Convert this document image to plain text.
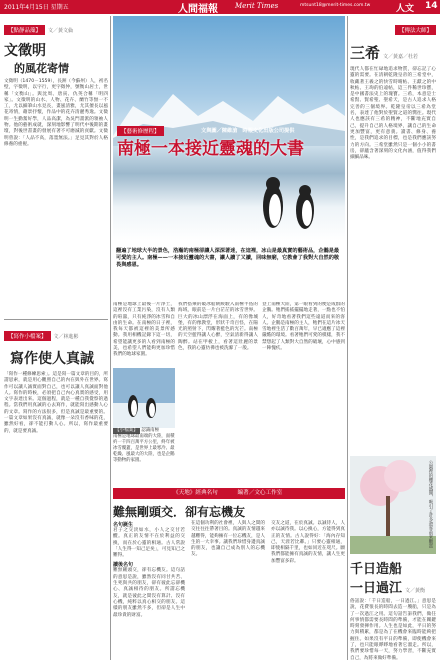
2011年4月15日 星期五	人間福報 Merit Times	mtsunt18@merit-times.com.tw	人文 14
【點靜品藻】 文／黃文倫
文徵明
的風花寄情
文徵明（1470－1559），長洲（今蘇州）人，初名壁，字徵明，以字行，更字徵仲，號衡山居士，世稱「文衡山」。與沈周、唐寅、仇英合稱「明四家」。文徵明的山水、人物、花卉、蘭竹等無一不工，尤以細筆山水見長，畫風清雅，尤其擅長以風花寄情，藉景抒懷，作品中的花卉清麗秀逸。文徵明一生勤奮好學，人品高潔，為吳門畫派的領袖人物。他的藝術成就，深刻地影響了明代中後期的畫壇，對後世書畫的發展有著不可磨滅的貢獻。文徵明曾說：「人品不高，落墨無法。」足見其對於人格修養的重視。
【寫作小檔案】 文／林進彬
寫作使人真誠
「寫作一種修練思索」。這是寫一篇文章的目的，所謂思索，就是用心觀照自己的內在與外在世界。寫作可以讓人誠實面對自己，也可以讓人真誠面對他人。寫作的時候，必須把自己內心真實的感受，用文字表達出來。這個過程，就是一種自我覺察的過程。當我們用真誠的心去寫作，就能寫出感動人心的文章。寫作的方法很多，但是真誠是最重要的。一篇文章如果沒有真誠，就像一朵沒有香味的花，雖然好看，卻不能打動人心。所以，寫作最重要的，就是要真誠。
【藝術修歷程】	文與圖／陳維滄　時報文化出版公司提供
南極一本接近靈魂的大書
翻遍了地球大半的景色，浩瀚的南極卻讓人深深著迷，在這裡，冰山是最真實的藝術品，企鵝是最可愛的主人。南極——一本接近靈魂的大書，讓人讀了又讀，回味無窮，它教會了我對大自然的敬畏與感恩。
我們搭乘的破冰船緩緩駛入南極半島的海域，眼前是一片白茫茫的冰雪世界。巨大的冰山漂浮在海面上，有的像城堡，有的像教堂，形狀千奇百怪，在陽光的照射下，閃耀著藍色的光芒。南極的天空藍得讓人心醉，空氣清新得讓人陶醉。站在甲板上，看著這壯麗的景色，我的心靈彷彿也被洗滌了一般。
登上南極大陸，第一眼看到的便是成群的企鵝。牠們搖搖擺擺地走著，一點也不怕人，好奇地看著我們這些遠道而來的客人。企鵝是南極的主人，牠們在這片冰天雪地裡生活了數百萬年，早已適應了這裡嚴酷的環境。看著牠們可愛的模樣，我不禁想起了人類對大自然的破壞，心中感到一陣愧疚。
南極是地球上最後一片淨土，這裡沒有工業污染，沒有人類的喧囂，只有純淨的冰雪和自由的生命。在南極的日子裡，我每天都被這裡的美景所感動。我用相機記錄下這一切，希望能讓更多的人看到南極的美，也希望人們能夠更加珍惜我們的地球家園。
【小檔案】 認識南極
南極是地球最南端的大陸，面積約一千四百萬平方公里，終年被冰雪覆蓋，是世界上最寒冷、最乾燥、風最大的大陸，也是企鵝等動物的家園。
《天地》經典名句	編著／文心工作室
難無剛頭交．卻有忘機友
名句誕生
君子之交淡如水，小人之交甘若醴。真正的友情不在於利益的交換，而在於心靈的相通。古人常說「人生得一知己足矣」，可見知己之難得。
讀後名句
難無剛頭交，卻有忘機友。這句話的意思是說，雖然沒有同甘共苦、生死與共的朋友，卻有彼此忘卻機心、真誠相待的朋友。所謂忘機友，就是彼此之間沒有算計、沒有心機，純粹以真心相交的朋友。這樣的朋友雖然不多，但卻是人生中最珍貴的財富。
在這個功利的社會裡，人與人之間的交往往往帶著目的。真誠的友情越來越難得，能夠擁有一位忘機友，是人生的一大幸事。讓我們珍惜身邊真誠的朋友，也讓自己成為別人的忘機友。
交友之道，在於真誠。以誠待人，人亦以誠待我。以心換心，方能得到真正的友情。古人說得好：「海內存知己，天涯若比鄰。」只要心靈相通，即使相隔千里，也如同近在咫尺。願我們都能擁有真誠的友情，讓人生更加豐富多彩。
【傳法大師】
三希 文／黃嘉／杜若
現代人都在忙碌地追求物質，卻忘記了心靈的需要。在清朝乾隆皇帝的三希堂中，收藏著王羲之的快雪時晴帖、王獻之的中秋帖、王珣的伯遠帖，這三件稀世珍寶，是中國書法史上的瑰寶。三希，本意是士希賢、賢希聖、聖希天，是古人追求人格完善的三個境界。乾隆皇帝以三希為堂名，表達了他對於聖賢之道的嚮往。現代人也應該有三希的精神，不斷地充實自己，提升自己的人格境界，讓自己的生命更加豐富，更有意義。讀書、修身、養性，是我們追求的目標，也是我們應該努力的方向。三希堂雖然只是一個小小的書房，卻蘊含著深刻的文化內涵，值得我們細細品味。
公園裡的櫻花盛開，吸引了許多遊客前來觀賞
千日造船
一日過江 文／黃衡
俗話說：「千日造船，一日過江。」意思是說，花費很長的時間去造一艘船，只是為了一次過江之用。這句話告訴我們，做任何事情都需要長時間的準備，才能在關鍵時刻發揮作用。人生也是如此，平日的努力與積累，都是為了在機會來臨時能夠把握住。如果沒有平日的準備，即使機會來了，也只能眼睜睜地看著它溜走。所以，我們要珍惜每一天，努力學習，不斷充實自己，為將來做好準備。
